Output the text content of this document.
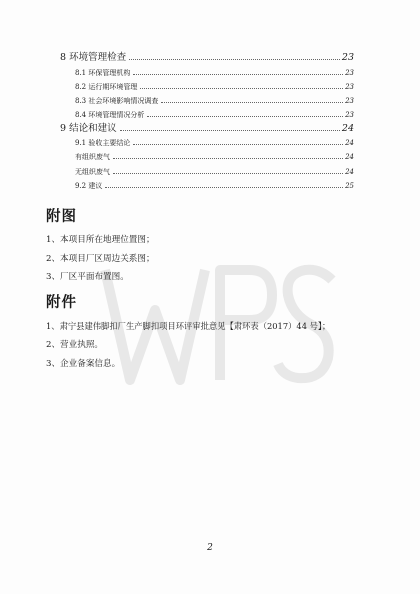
8 环境管理检查	23
8.1 环保管理机构	23
8.2 运行期环境管理	23
8.3 社会环境影响情况调查	23
8.4 环境管理情况分析	23
9 结论和建议	24
9.1 验收主要结论	24
有组织废气	24
无组织废气	24
9.2 建议	25
附图
1、本项目所在地理位置图；
2、本项目厂区周边关系图；
3、厂区平面布置图。
附件
1、肃宁县建伟脚扣厂生产脚扣项目环评审批意见【肃环表（2017）44 号】；
2、营业执照。
3、企业备案信息。
2
